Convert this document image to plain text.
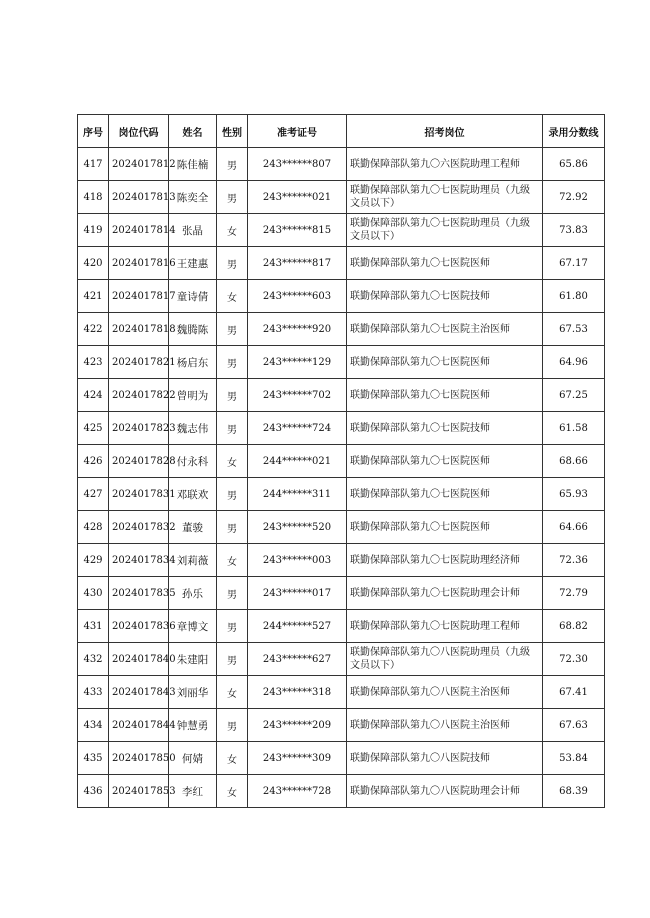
序号	岗位代码	姓名	性别	准考证号	招考岗位	录用分数线
417	2024017812	陈佳楠	男	243******807	联勤保障部队第九〇六医院助理工程师	65.86
418	2024017813	陈奕全	男	243******021	联勤保障部队第九〇七医院助理员（九级文员以下）	72.92
419	2024017814	张晶	女	243******815	联勤保障部队第九〇七医院助理员（九级文员以下）	73.83
420	2024017816	王建惠	男	243******817	联勤保障部队第九〇七医院医师	67.17
421	2024017817	童诗倩	女	243******603	联勤保障部队第九〇七医院技师	61.80
422	2024017818	魏腾陈	男	243******920	联勤保障部队第九〇七医院主治医师	67.53
423	2024017821	杨启东	男	243******129	联勤保障部队第九〇七医院医师	64.96
424	2024017822	曾明为	男	243******702	联勤保障部队第九〇七医院医师	67.25
425	2024017823	魏志伟	男	243******724	联勤保障部队第九〇七医院技师	61.58
426	2024017828	付永科	女	244******021	联勤保障部队第九〇七医院医师	68.66
427	2024017831	邓联欢	男	244******311	联勤保障部队第九〇七医院医师	65.93
428	2024017832	董骏	男	243******520	联勤保障部队第九〇七医院医师	64.66
429	2024017834	刘莉薇	女	243******003	联勤保障部队第九〇七医院助理经济师	72.36
430	2024017835	孙乐	男	243******017	联勤保障部队第九〇七医院助理会计师	72.79
431	2024017836	章博文	男	244******527	联勤保障部队第九〇七医院助理工程师	68.82
432	2024017840	朱建阳	男	243******627	联勤保障部队第九〇八医院助理员（九级文员以下）	72.30
433	2024017843	刘丽华	女	243******318	联勤保障部队第九〇八医院主治医师	67.41
434	2024017844	钟慧勇	男	243******209	联勤保障部队第九〇八医院主治医师	67.63
435	2024017850	何婧	女	243******309	联勤保障部队第九〇八医院技师	53.84
436	2024017853	李红	女	243******728	联勤保障部队第九〇八医院助理会计师	68.39
